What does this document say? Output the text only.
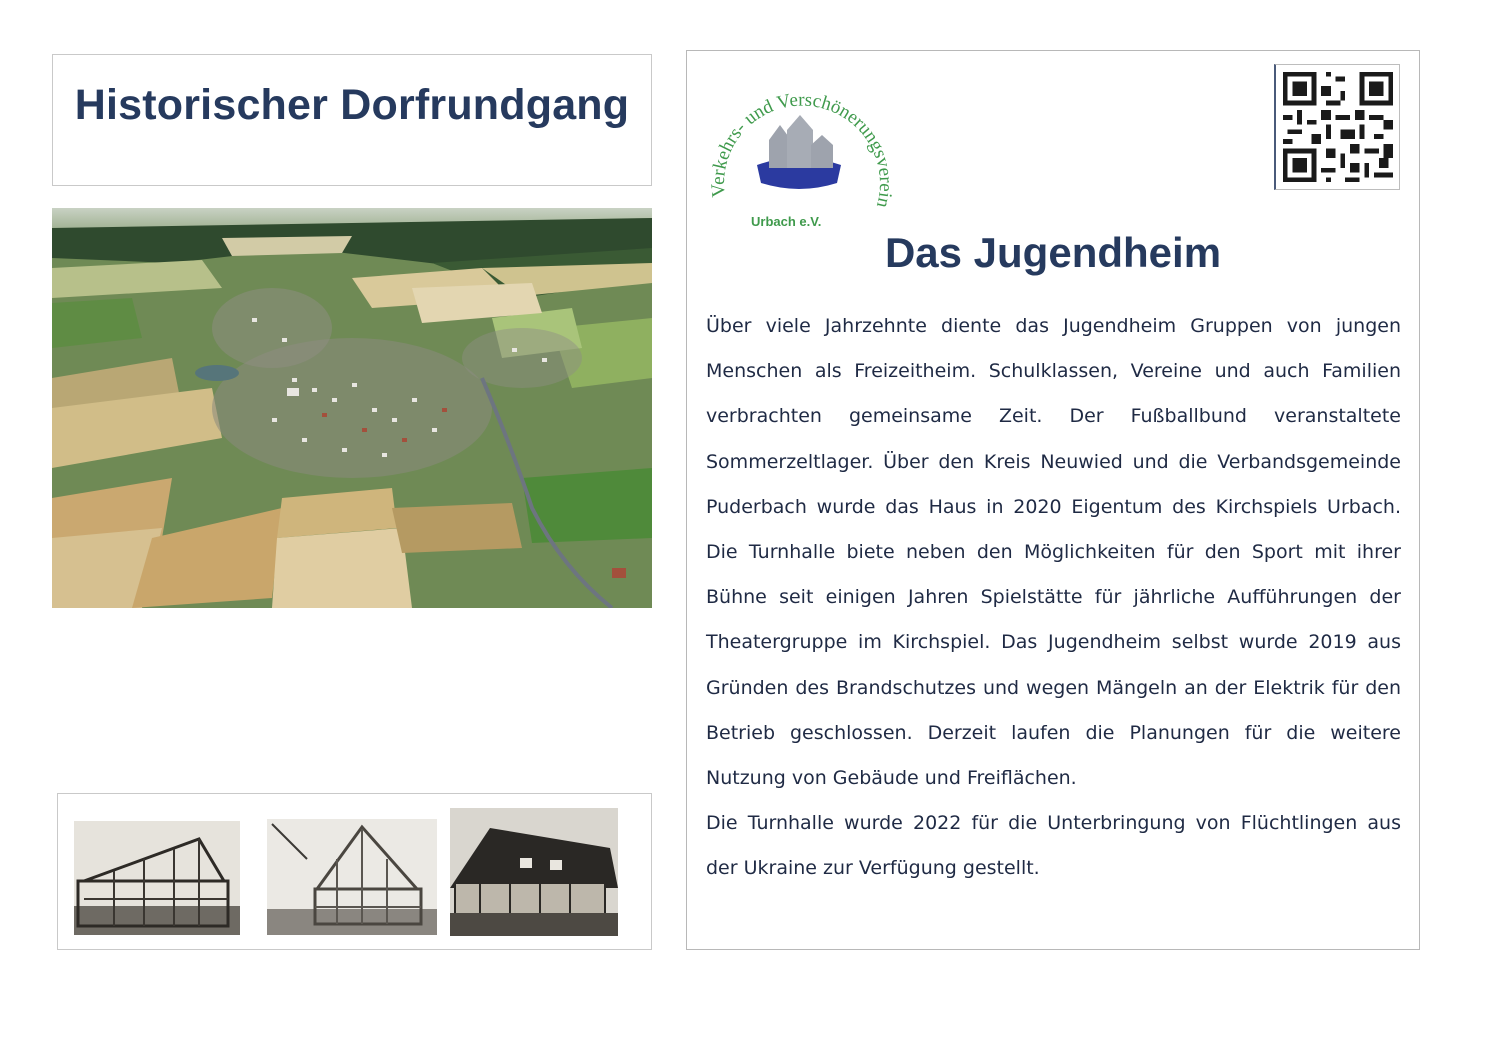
Historischer Dorfrundgang
Verkehrs- und Verschönerungsverein
Urbach e.V.
Das Jugendheim

Über viele Jahrzehnte diente das Jugendheim Gruppen von jungen Menschen als Freizeitheim. Schulklassen, Vereine und auch Familien verbrachten gemeinsame Zeit. Der Fußballbund veranstaltete Sommerzeltlager. Über den Kreis Neuwied und die Verbandsgemeinde Puderbach wurde das Haus in 2020 Eigentum des Kirchspiels Urbach. Die Turnhalle biete neben den Möglichkeiten für den Sport mit ihrer Bühne seit einigen Jahren Spielstätte für jährliche Aufführungen der Theatergruppe im Kirchspiel. Das Jugendheim selbst wurde 2019 aus Gründen des Brandschutzes und wegen Mängeln an der Elektrik für den Betrieb geschlossen. Derzeit laufen die Planungen für die weitere Nutzung von Gebäude und Freiflächen.

Die Turnhalle wurde 2022 für die Unterbringung von Flüchtlingen aus der Ukraine zur Verfügung gestellt.
